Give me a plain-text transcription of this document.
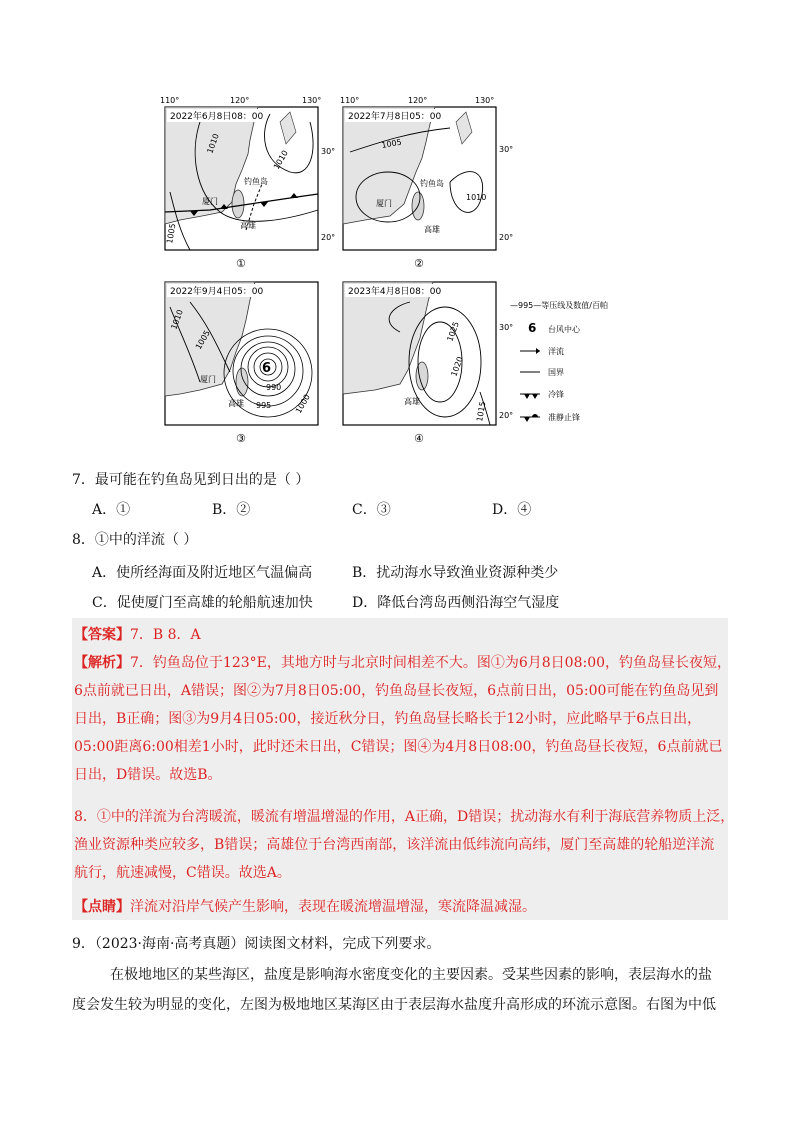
110°	120°	130°
2022年6月8日08：00
1010
1010
1005
钓鱼岛
厦门
高雄
30°
20°
①
110°	120°	130°
2022年7月8日05：00
1005
1010
钓鱼岛
厦门
高雄
30°
20°
②
6
2022年9月4日05：00
1010
1005
990
995	1000
厦门
高雄
③
2023年4月8日08：00
1025
1020
1015
高雄
30°
20°
④
—995—等压线及数值/百帕
6 台风中心
洋流
国界
冷锋
准静止锋
7．最可能在钓鱼岛见到日出的是（ ）
A．①	B．②	C．③	D．④
8．①中的洋流（ ）
A．使所经海面及附近地区气温偏高	B．扰动海水导致渔业资源种类少
C．促使厦门至高雄的轮船航速加快	D．降低台湾岛西侧沿海空气湿度
【答案】7．B 8．A
【解析】7．钓鱼岛位于123°E，其地方时与北京时间相差不大。图①为6月8日08:00，钓鱼岛昼长夜短，
6点前就已日出，A错误；图②为7月8日05:00，钓鱼岛昼长夜短，6点前日出，05:00可能在钓鱼岛见到
日出，B正确；图③为9月4日05:00，接近秋分日，钓鱼岛昼长略长于12小时，应此略早于6点日出，
05:00距离6:00相差1小时，此时还未日出，C错误；图④为4月8日08:00，钓鱼岛昼长夜短，6点前就已
日出，D错误。故选B。
8．①中的洋流为台湾暖流，暖流有增温增湿的作用，A正确，D错误；扰动海水有利于海底营养物质上泛，
渔业资源种类应较多，B错误；高雄位于台湾西南部，该洋流由低纬流向高纬，厦门至高雄的轮船逆洋流
航行，航速减慢，C错误。故选A。
【点睛】洋流对沿岸气候产生影响，表现在暖流增温增湿，寒流降温减湿。
9．（2023·海南·高考真题）阅读图文材料，完成下列要求。
在极地地区的某些海区，盐度是影响海水密度变化的主要因素。受某些因素的影响，表层海水的盐
度会发生较为明显的变化，左图为极地地区某海区由于表层海水盐度升高形成的环流示意图。右图为中低
